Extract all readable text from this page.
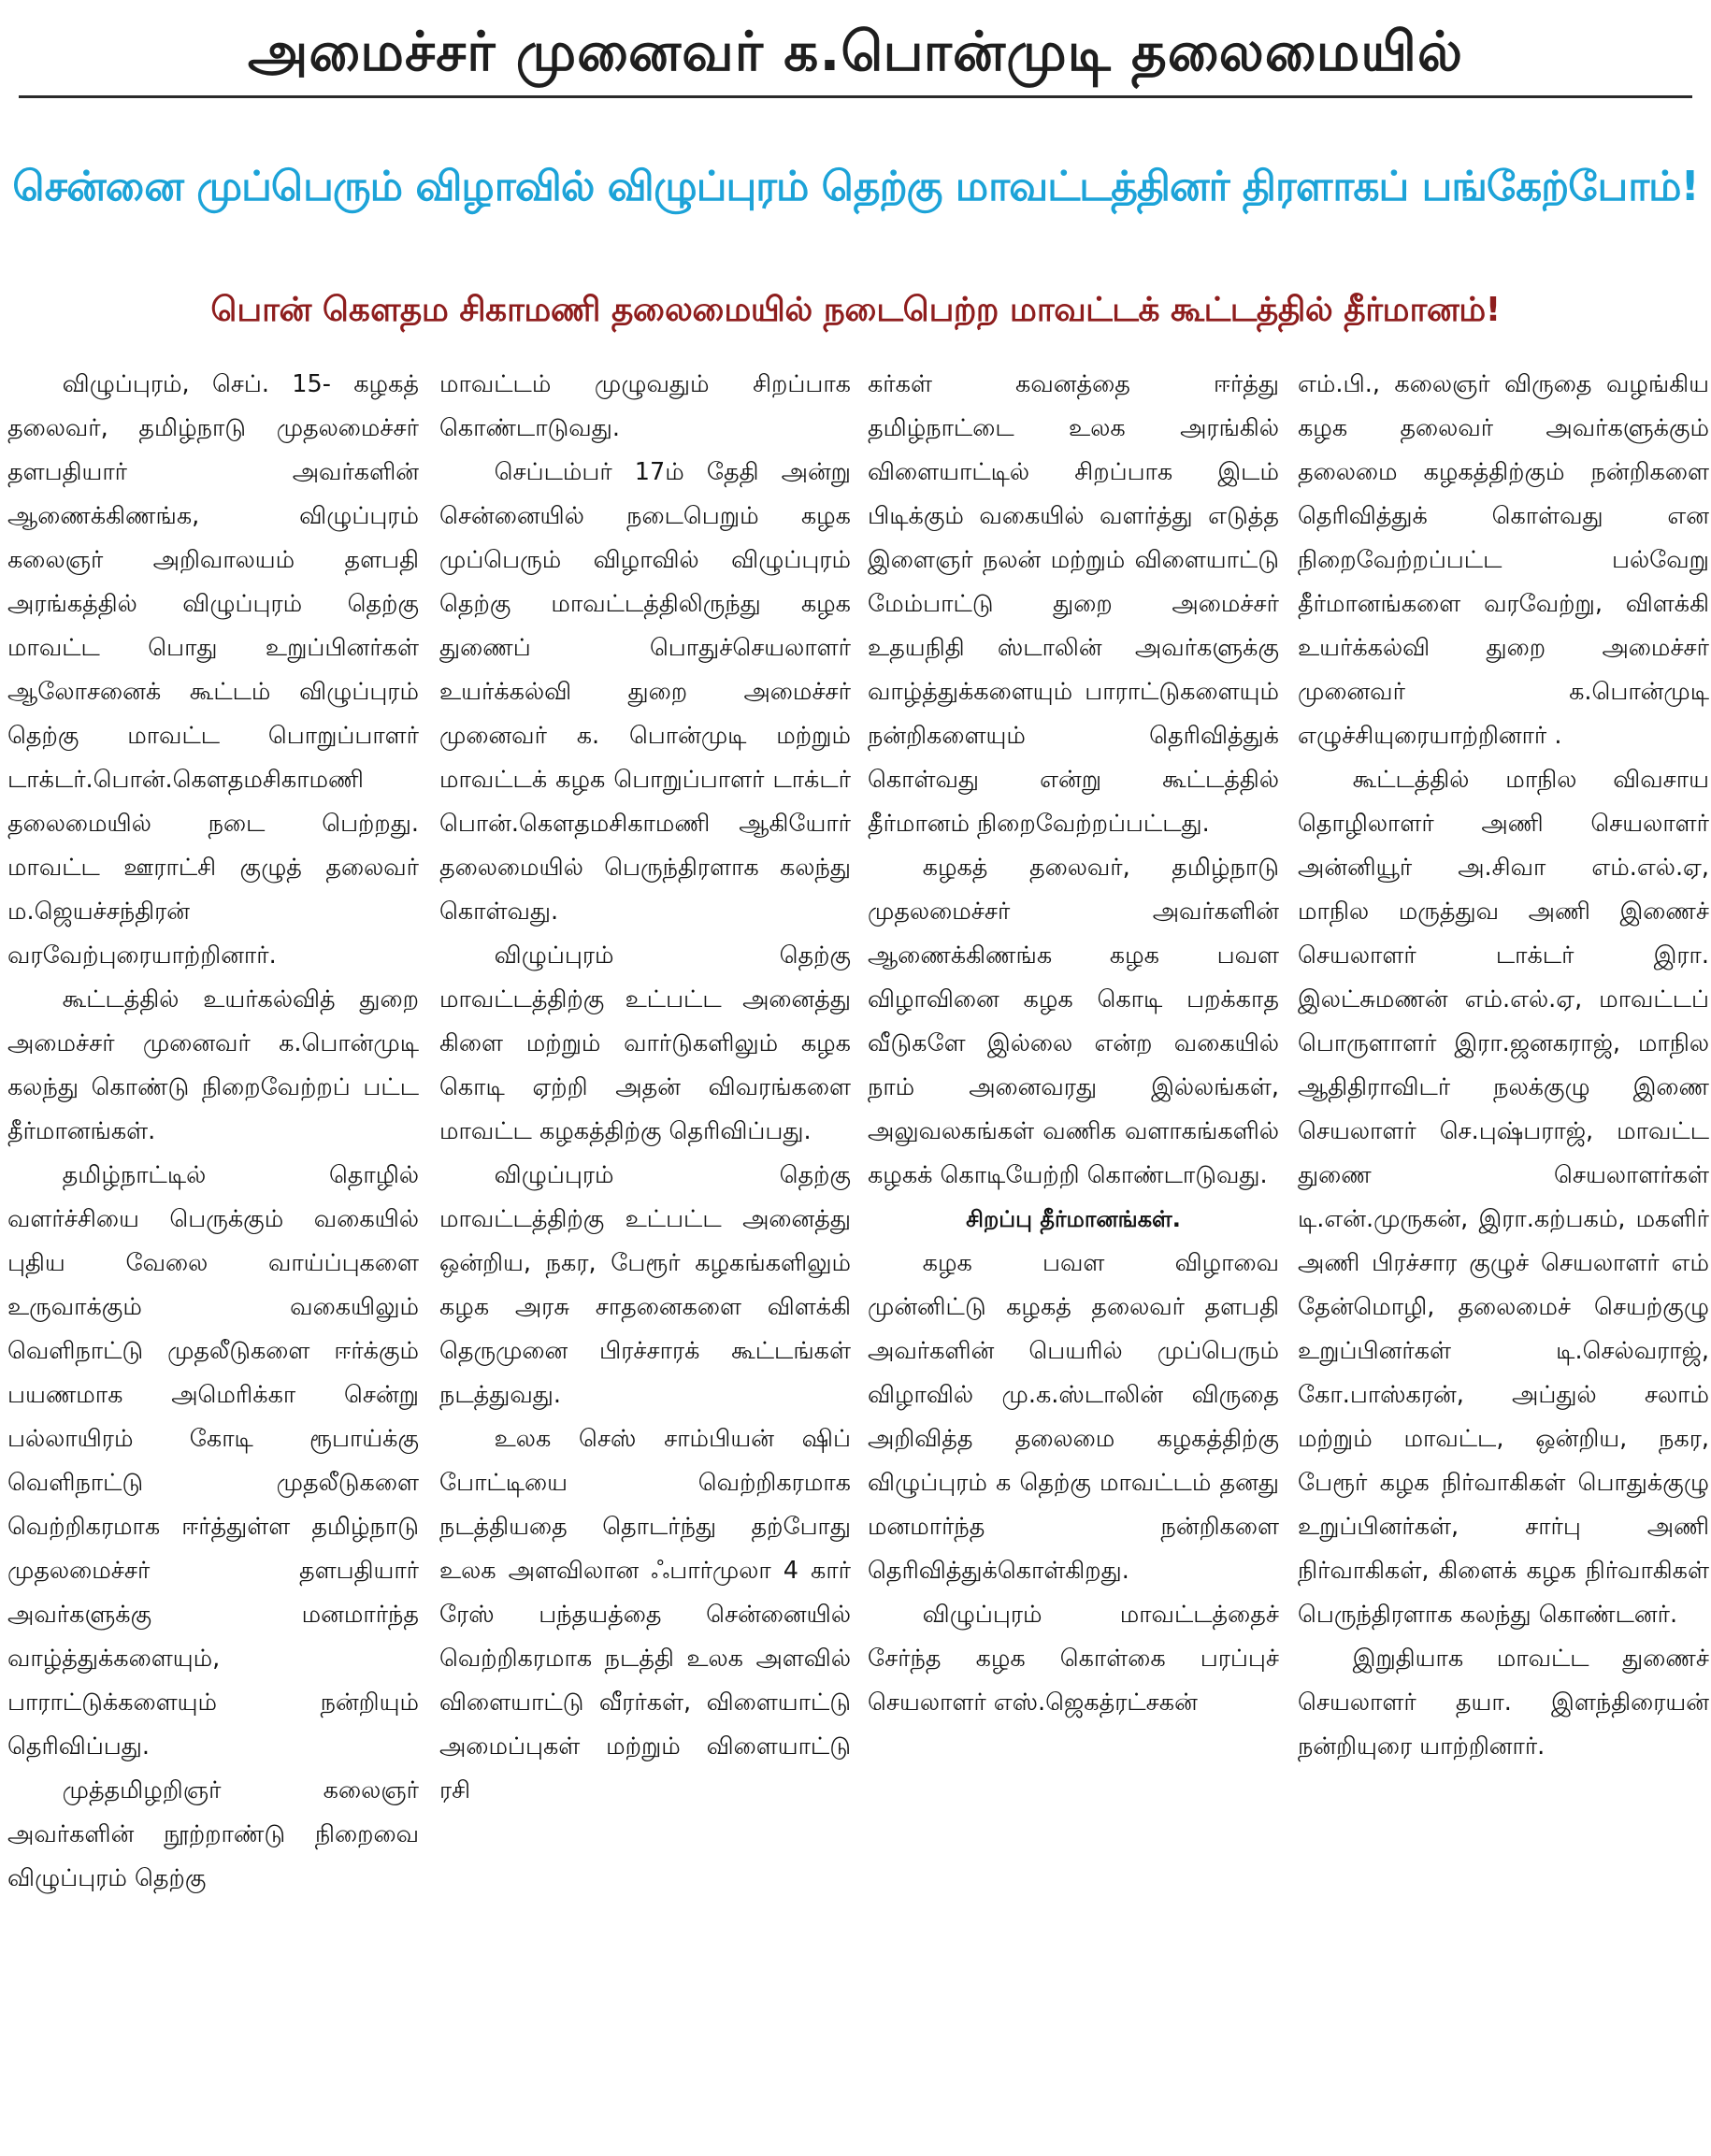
அமைச்சர் முனைவர் க.பொன்முடி தலைமையில்
சென்னை முப்பெரும் விழாவில் விழுப்புரம் தெற்கு மாவட்டத்தினர் திரளாகப் பங்கேற்போம்!
பொன் கௌதம சிகாமணி தலைமையில் நடைபெற்ற மாவட்டக் கூட்டத்தில் தீர்மானம்!

விழுப்புரம், செப். 15- கழகத் தலைவர், தமிழ்நாடு முதலமைச்சர் தளபதியார் அவர்களின் ஆணைக்கிணங்க, விழுப்புரம் கலைஞர் அறிவாலயம் தளபதி அரங்கத்தில் விழுப்புரம் தெற்கு மாவட்ட பொது உறுப்பினர்கள் ஆலோசனைக் கூட்டம் விழுப்புரம் தெற்கு மாவட்ட பொறுப்பாளர் டாக்டர்.பொன்.கௌதமசிகாமணி தலைமையில் நடை பெற்றது. மாவட்ட ஊராட்சி குழுத் தலைவர் ம.ஜெயச்சந்திரன் வரவேற்புரையாற்றினார்.

கூட்டத்தில் உயர்கல்வித் துறை அமைச்சர் முனைவர் க.பொன்முடி கலந்து கொண்டு நிறைவேற்றப் பட்ட தீர்மானங்கள்.

தமிழ்நாட்டில் தொழில் வளர்ச்சியை பெருக்கும் வகையில் புதிய வேலை வாய்ப்புகளை உருவாக்கும் வகையிலும் வெளிநாட்டு முதலீடுகளை ஈர்க்கும் பயணமாக அமெரிக்கா சென்று பல்லாயிரம் கோடி ரூபாய்க்கு வெளிநாட்டு முதலீடுகளை வெற்றிகரமாக ஈர்த்துள்ள தமிழ்நாடு முதலமைச்சர் தளபதியார் அவர்களுக்கு மனமார்ந்த வாழ்த்துக்களையும், பாராட்டுக்களையும் நன்றியும் தெரிவிப்பது.

முத்தமிழறிஞர் கலைஞர் அவர்களின் நூற்றாண்டு நிறைவை விழுப்புரம் தெற்கு

மாவட்டம் முழுவதும் சிறப்பாக கொண்டாடுவது.

செப்டம்பர் 17ம் தேதி அன்று சென்னையில் நடைபெறும் கழக முப்பெரும் விழாவில் விழுப்புரம் தெற்கு மாவட்டத்திலிருந்து கழக துணைப் பொதுச்செயலாளர் உயர்க்கல்வி துறை அமைச்சர் முனைவர் க. பொன்முடி மற்றும் மாவட்டக் கழக பொறுப்பாளர் டாக்டர் பொன்.கௌதமசிகாமணி ஆகியோர் தலைமையில் பெருந்திரளாக கலந்து கொள்வது.

விழுப்புரம் தெற்கு மாவட்டத்திற்கு உட்பட்ட அனைத்து கிளை மற்றும் வார்டுகளிலும் கழக கொடி ஏற்றி அதன் விவரங்களை மாவட்ட கழகத்திற்கு தெரிவிப்பது.

விழுப்புரம் தெற்கு மாவட்டத்திற்கு உட்பட்ட அனைத்து ஒன்றிய, நகர, பேரூர் கழகங்களிலும் கழக அரசு சாதனைகளை விளக்கி தெருமுனை பிரச்சாரக் கூட்டங்கள் நடத்துவது.

உலக செஸ் சாம்பியன் ஷிப் போட்டியை வெற்றிகரமாக நடத்தியதை தொடர்ந்து தற்போது உலக அளவிலான ஃபார்முலா 4 கார் ரேஸ் பந்தயத்தை சென்னையில் வெற்றிகரமாக நடத்தி உலக அளவில் விளையாட்டு வீரர்கள், விளையாட்டு அமைப்புகள் மற்றும் விளையாட்டு ரசி

கர்கள் கவனத்தை ஈர்த்து தமிழ்நாட்டை உலக அரங்கில் விளையாட்டில் சிறப்பாக இடம் பிடிக்கும் வகையில் வளர்த்து எடுத்த இளைஞர் நலன் மற்றும் விளையாட்டு மேம்பாட்டு துறை அமைச்சர் உதயநிதி ஸ்டாலின் அவர்களுக்கு வாழ்த்துக்களையும் பாராட்டுகளையும் நன்றிகளையும் தெரிவித்துக் கொள்வது என்று கூட்டத்தில் தீர்மானம் நிறைவேற்றப்பட்டது.

கழகத் தலைவர், தமிழ்நாடு முதலமைச்சர் அவர்களின் ஆணைக்கிணங்க கழக பவள விழாவினை கழக கொடி பறக்காத வீடுகளே இல்லை என்ற வகையில் நாம் அனைவரது இல்லங்கள், அலுவலகங்கள் வணிக வளாகங்களில் கழகக் கொடியேற்றி கொண்டாடுவது.

சிறப்பு தீர்மானங்கள்.

கழக பவள விழாவை முன்னிட்டு கழகத் தலைவர் தளபதி அவர்களின் பெயரில் முப்பெரும் விழாவில் மு.க.ஸ்டாலின் விருதை அறிவித்த தலைமை கழகத்திற்கு விழுப்புரம் க தெற்கு மாவட்டம் தனது மனமார்ந்த நன்றிகளை தெரிவித்துக்கொள்கிறது.

விழுப்புரம் மாவட்டத்தைச் சேர்ந்த கழக கொள்கை பரப்புச் செயலாளர் எஸ்.ஜெகத்ரட்சகன்

எம்.பி., கலைஞர் விருதை வழங்கிய கழக தலைவர் அவர்களுக்கும் தலைமை கழகத்திற்கும் நன்றிகளை தெரிவித்துக் கொள்வது என நிறைவேற்றப்பட்ட பல்வேறு தீர்மானங்களை வரவேற்று, விளக்கி உயர்க்கல்வி துறை அமைச்சர் முனைவர் க.பொன்முடி எழுச்சியுரையாற்றினார் .

கூட்டத்தில் மாநில விவசாய தொழிலாளர் அணி செயலாளர் அன்னியூர் அ.சிவா எம்.எல்.ஏ, மாநில மருத்துவ அணி இணைச் செயலாளர் டாக்டர் இரா. இலட்சுமணன் எம்.எல்.ஏ, மாவட்டப் பொருளாளர் இரா.ஜனகராஜ், மாநில ஆதிதிராவிடர் நலக்குழு இணை செயலாளர் செ.புஷ்பராஜ், மாவட்ட துணை செயலாளர்கள் டி.என்.முருகன், இரா.கற்பகம், மகளிர் அணி பிரச்சார குழுச் செயலாளர் எம் தேன்மொழி, தலைமைச் செயற்குழு உறுப்பினர்கள் டி.செல்வராஜ், கோ.பாஸ்கரன், அப்துல் சலாம் மற்றும் மாவட்ட, ஒன்றிய, நகர, பேரூர் கழக நிர்வாகிகள் பொதுக்குழு உறுப்பினர்கள், சார்பு அணி நிர்வாகிகள், கிளைக் கழக நிர்வாகிகள் பெருந்திரளாக கலந்து கொண்டனர்.

இறுதியாக மாவட்ட துணைச் செயலாளர் தயா. இளந்திரையன் நன்றியுரை யாற்றினார்.
